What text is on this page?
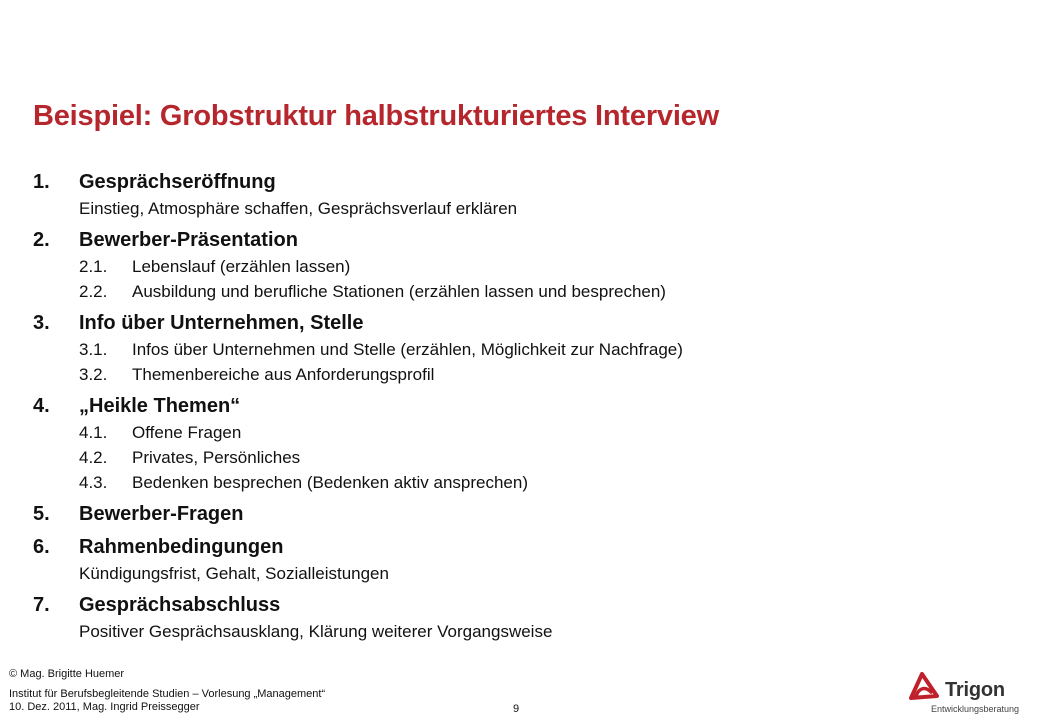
Beispiel: Grobstruktur halbstrukturiertes Interview
1.	Gesprächseröffnung
Einstieg, Atmosphäre schaffen, Gesprächsverlauf erklären
2.	Bewerber-Präsentation
2.1.	Lebenslauf (erzählen lassen)
2.2.	Ausbildung und berufliche Stationen (erzählen lassen und besprechen)
3.	Info über Unternehmen, Stelle
3.1.	Infos über Unternehmen und Stelle (erzählen, Möglichkeit zur Nachfrage)
3.2.	Themenbereiche aus Anforderungsprofil
4.	„Heikle Themen“
4.1.	Offene Fragen
4.2.	Privates, Persönliches
4.3.	Bedenken besprechen (Bedenken aktiv ansprechen)
5.	Bewerber-Fragen
6.	Rahmenbedingungen
Kündigungsfrist, Gehalt, Sozialleistungen
7.	Gesprächsabschluss
Positiver Gesprächsausklang, Klärung weiterer Vorgangsweise
© Mag. Brigitte Huemer
Institut für Berufsbegleitende Studien – Vorlesung „Management“
10. Dez. 2011, Mag. Ingrid Preissegger	9
Trigon
Entwicklungsberatung
